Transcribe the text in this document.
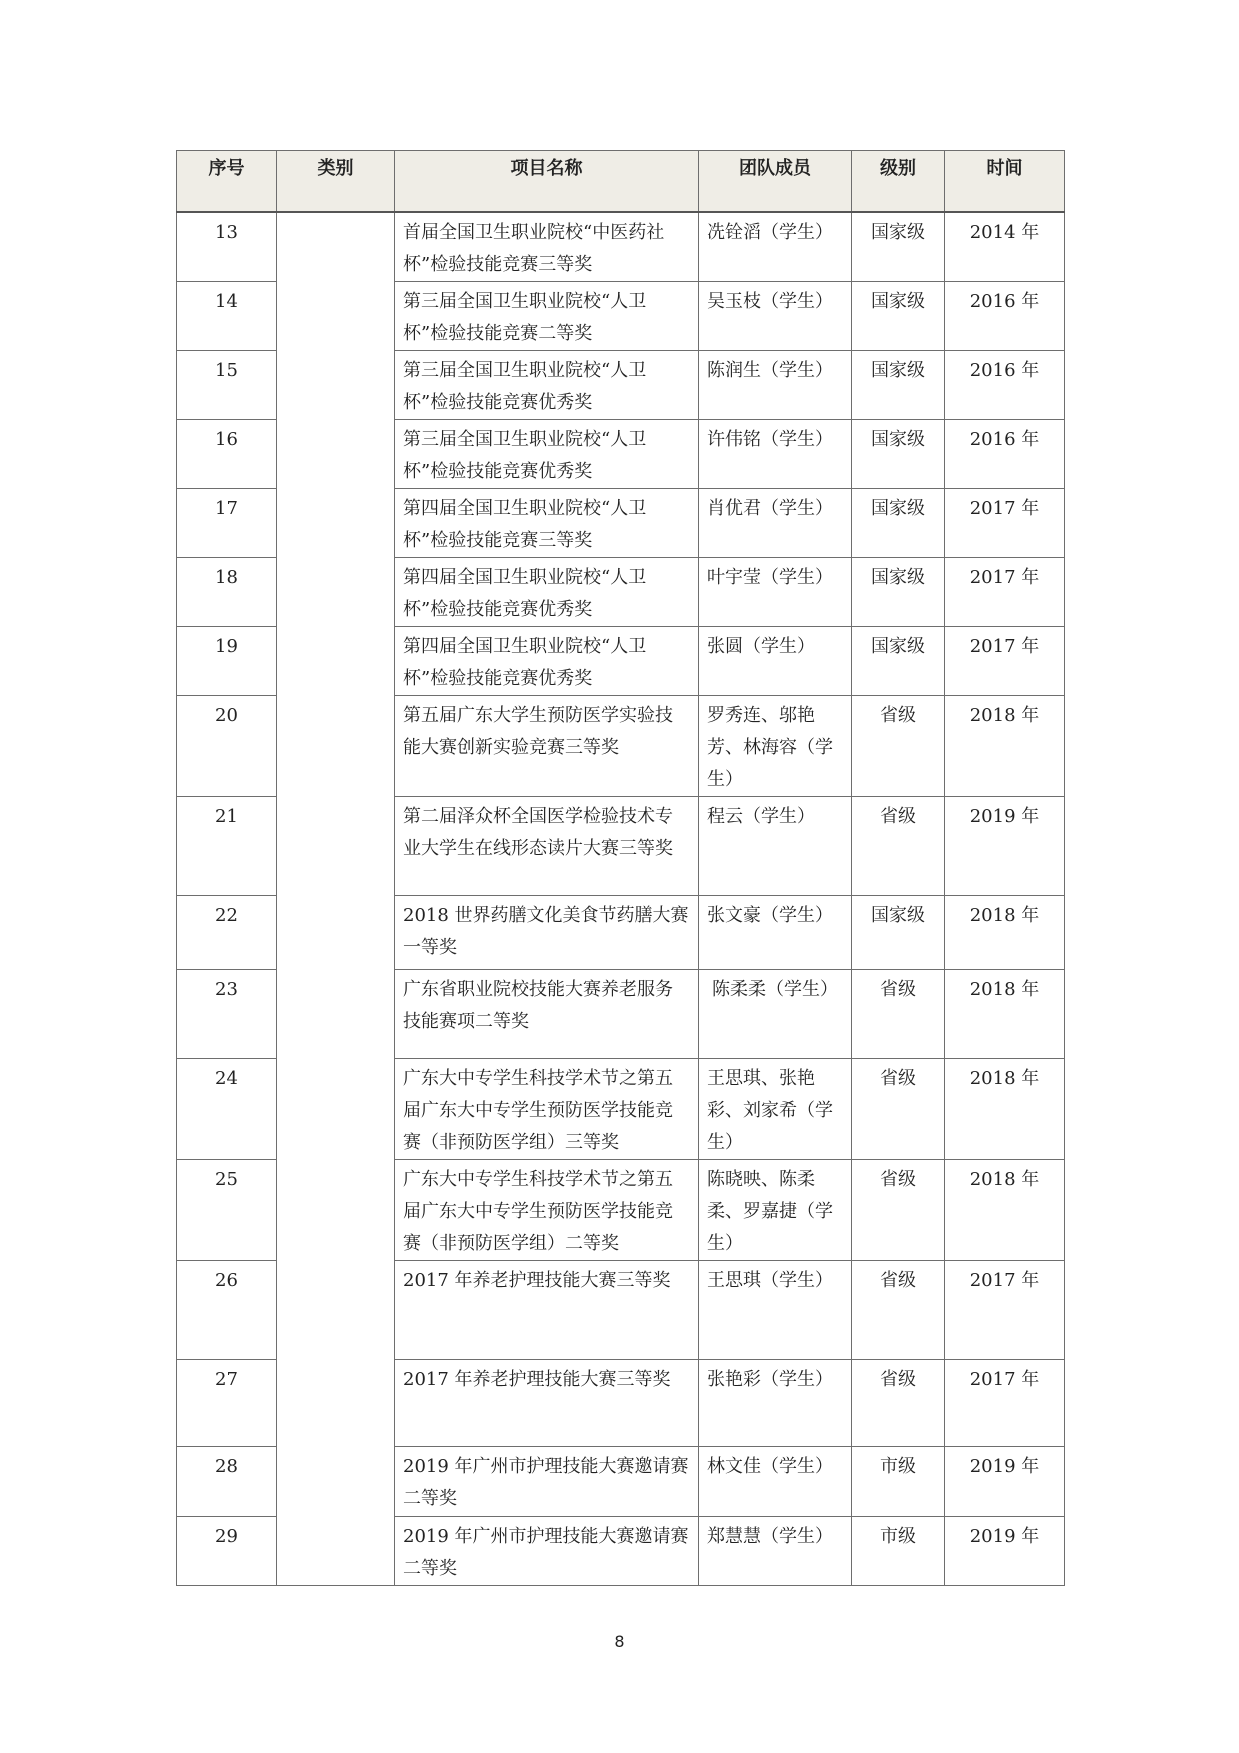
序号	类别	项目名称	团队成员	级别	时间
13		首届全国卫生职业院校“中医药社杯”检验技能竞赛三等奖	冼铨滔（学生）	国家级	2014 年
14		第三届全国卫生职业院校“人卫杯”检验技能竞赛二等奖	吴玉枝（学生）	国家级	2016 年
15		第三届全国卫生职业院校“人卫杯”检验技能竞赛优秀奖	陈润生（学生）	国家级	2016 年
16		第三届全国卫生职业院校“人卫杯”检验技能竞赛优秀奖	许伟铭（学生）	国家级	2016 年
17		第四届全国卫生职业院校“人卫杯”检验技能竞赛三等奖	肖优君（学生）	国家级	2017 年
18		第四届全国卫生职业院校“人卫杯”检验技能竞赛优秀奖	叶宇莹（学生）	国家级	2017 年
19		第四届全国卫生职业院校“人卫杯”检验技能竞赛优秀奖	张圆（学生）	国家级	2017 年
20		第五届广东大学生预防医学实验技能大赛创新实验竞赛三等奖	罗秀连、邬艳芳、林海容（学生）	省级	2018 年
21		第二届泽众杯全国医学检验技术专业大学生在线形态读片大赛三等奖	程云（学生）	省级	2019 年
22		2018 世界药膳文化美食节药膳大赛一等奖	张文豪（学生）	国家级	2018 年
23		广东省职业院校技能大赛养老服务技能赛项二等奖	陈柔柔（学生）	省级	2018 年
24		广东大中专学生科技学术节之第五届广东大中专学生预防医学技能竞赛（非预防医学组）三等奖	王思琪、张艳彩、刘家希（学生）	省级	2018 年
25		广东大中专学生科技学术节之第五届广东大中专学生预防医学技能竞赛（非预防医学组）二等奖	陈晓映、陈柔柔、罗嘉捷（学生）	省级	2018 年
26		2017 年养老护理技能大赛三等奖	王思琪（学生）	省级	2017 年
27		2017 年养老护理技能大赛三等奖	张艳彩（学生）	省级	2017 年
28		2019 年广州市护理技能大赛邀请赛二等奖	林文佳（学生）	市级	2019 年
29		2019 年广州市护理技能大赛邀请赛二等奖	郑慧慧（学生）	市级	2019 年
8
